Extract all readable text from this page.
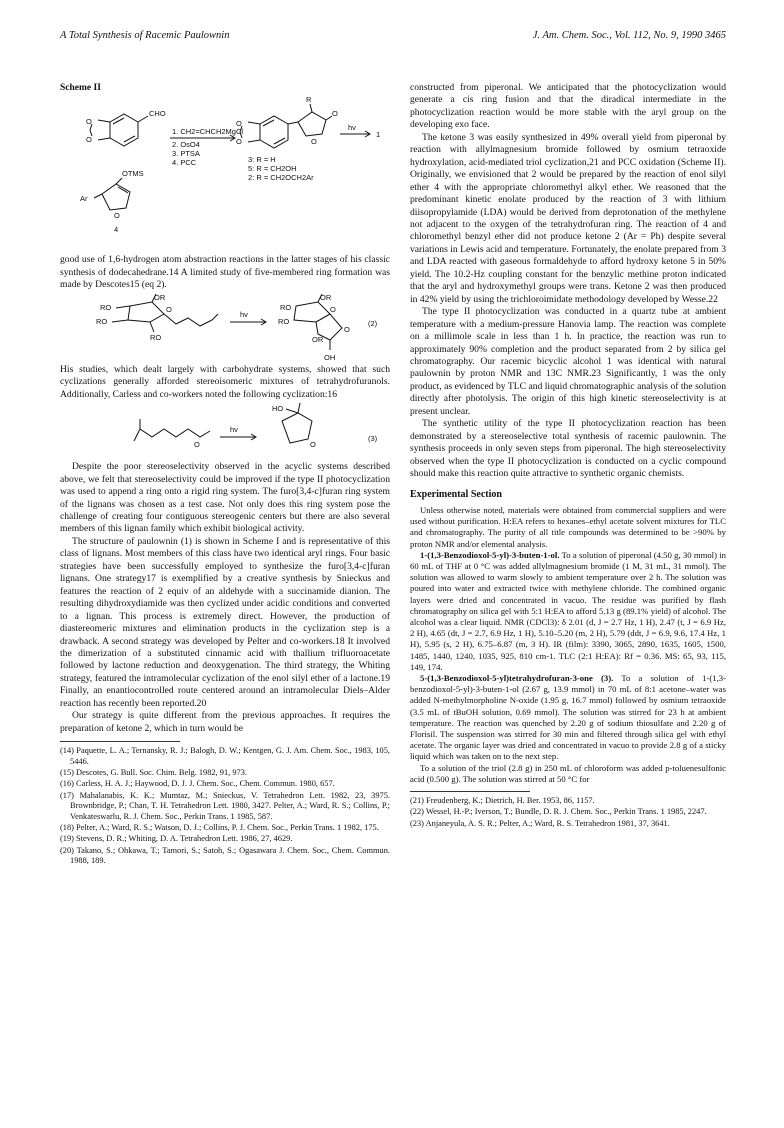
A Total Synthesis of Racemic Paulownin	J. Am. Chem. Soc., Vol. 112, No. 9, 1990 3465
Scheme II
CHO
O
O
1. CH2=CHCH2MgCl
2. OsO4
3. PTSA
4. PCC
R
O
O
O
O
hv
1
3: R = H
5: R = CH2OH
2: R = CH2OCH2Ar
OTMS
Ar
O
4

good use of 1,6-hydrogen atom abstraction reactions in the latter stages of his classic synthesis of dodecahedrane.14 A limited study of five-membered ring formation was made by Descotes15 (eq 2).

OR
RO
RO
RO
O
hv
OR
RO
RO
O
OR
OH
O
(2)

His studies, which dealt largely with carbohydrate systems, showed that such cyclizations generally afforded stereoisomeric mixtures of tetrahydrofuranols. Additionally, Carless and co-workers noted the following cyclization:16

O
hv
HO
O
(3)

Despite the poor stereoselectivity observed in the acyclic systems described above, we felt that stereoselectivity could be improved if the type II photocyclization was used to append a ring onto a rigid ring system. The furo[3,4-c]furan ring system of the lignans was chosen as a test case. Not only does this ring system pose the challenge of creating four contiguous stereogenic centers but there are also several members of this lignan family which exhibit biological activity.

The structure of paulownin (1) is shown in Scheme I and is representative of this class of lignans. Most members of this class have two identical aryl rings. Four basic strategies have been successfully employed to synthesize the furo[3,4-c]furan lignans. One strategy17 is exemplified by a creative synthesis by Snieckus and features the reaction of 2 equiv of an aldehyde with a succinamide dianion. The resulting dihydroxydiamide was then cyclized under acidic conditions and converted to a lignan. This process is extremely direct. However, the production of diastereomeric mixtures and elimination products in the cyclization step is a drawback. A second strategy was developed by Pelter and co-workers.18 It involved the dimerization of a substituted cinnamic acid with thallium trifluoroacetate followed by lactone reduction and deoxygenation. The third strategy, the Whiting strategy, featured the intramolecular cyclization of the enol silyl ether of a lactone.19 Finally, an enantiocontrolled route centered around an intramolecular Diels–Alder reaction has recently been reported.20

Our strategy is quite different from the previous approaches. It requires the preparation of ketone 2, which in turn would be

(14) Paquette, L. A.; Ternansky, R. J.; Balogh, D. W.; Kentgen, G. J. Am. Chem. Soc., 1983, 105, 5446.

(15) Descotes, G. Bull. Soc. Chim. Belg. 1982, 91, 973.

(16) Carless, H. A. J.; Haywood, D. J. J. Chem. Soc., Chem. Commun. 1980, 657.

(17) Mahalanabis, K. K.; Mumtaz, M.; Snieckus, V. Tetrahedron Lett. 1982, 23, 3975. Brownbridge, P.; Chan, T. H. Tetrahedron Lett. 1980, 3427. Pelter, A.; Ward, R. S.; Collins, P.; Venkateswarlu, R. J. Chem. Soc., Perkin Trans. 1 1985, 587.

(18) Pelter, A.; Ward, R. S.; Watson, D. J.; Collins, P. J. Chem. Soc., Perkin Trans. 1 1982, 175.

(19) Stevens, D. R.; Whiting, D. A. Tetrahedron Lett. 1986, 27, 4629.

(20) Takano, S.; Ohkawa, T.; Tamori, S.; Satoh, S.; Ogasawara J. Chem. Soc., Chem. Commun. 1988, 189.

constructed from piperonal. We anticipated that the photocyclization would generate a cis ring fusion and that the diradical intermediate in the photocyclization reaction would be more stable with the aryl group on the developing exo face.

The ketone 3 was easily synthesized in 49% overall yield from piperonal by reaction with allylmagnesium bromide followed by osmium tetraoxide hydroxylation, acid-mediated triol cyclization,21 and PCC oxidation (Scheme II). Originally, we envisioned that 2 would be prepared by the reaction of enol silyl ether 4 with the appropriate chloromethyl alkyl ether. We reasoned that the predominant kinetic enolate produced by the reaction of 3 with lithium diisopropylamide (LDA) would be derived from deprotonation of the methylene not adjacent to the oxygen of the tetrahydrofuran ring. The reaction of 4 and chloromethyl benzyl ether did not produce ketone 2 (Ar = Ph) despite several variations in Lewis acid and temperature. Fortunately, the enolate prepared from 3 and LDA reacted with gaseous formaldehyde to afford hydroxy ketone 5 in 50% yield. The 10.2-Hz coupling constant for the benzylic methine proton indicated that the aryl and hydroxymethyl groups were trans. Ketone 2 was then produced in 42% yield by using the trichloroimidate methodology developed by Wesse.22

The type II photocyclization was conducted in a quartz tube at ambient temperature with a medium-pressure Hanovia lamp. The reaction was complete on a millimole scale in less than 1 h. In practice, the reaction was run to approximately 90% completion and the product separated from 2 by silica gel chromatography. Our racemic bicyclic alcohol 1 was identical with natural paulownin by proton NMR and 13C NMR.23 Significantly, 1 was the only product, as evidenced by TLC and liquid chromatographic analysis of the solution directly after photolysis. The origin of this high kinetic stereoselectivity is at present unclear.

The synthetic utility of the type II photocyclization reaction has been demonstrated by a stereoselective total synthesis of racemic paulownin. The synthesis proceeds in only seven steps from piperonal. The high stereoselectivity observed when the type II photocyclization is conducted on a cyclic compound should make this reaction quite attractive to synthetic organic chemists.

Experimental Section

Unless otherwise noted, materials were obtained from commercial suppliers and were used without purification. H:EA refers to hexanes–ethyl acetate solvent mixtures for TLC and chromatography. The purity of all title compounds was determined to be >90% by proton NMR and/or elemental analysis.

1-(1,3-Benzodioxol-5-yl)-3-buten-1-ol. To a solution of piperonal (4.50 g, 30 mmol) in 60 mL of THF at 0 °C was added allylmagnesium bromide (1 M, 31 mL, 31 mmol). The solution was allowed to warm slowly to ambient temperature over 2 h. The solution was poured into water and extracted twice with methylene chloride. The combined organic layers were dried and concentrated in vacuo. The residue was purified by flash chromatography on silica gel with 5:1 H:EA to afford 5.13 g (89.1% yield) of alcohol. The alcohol was a clear liquid. NMR (CDCl3): δ 2.01 (d, J = 2.7 Hz, 1 H), 2.47 (t, J = 6.9 Hz, 2 H), 4.65 (dt, J = 2.7, 6.9 Hz, 1 H), 5.10–5.20 (m, 2 H), 5.79 (ddt, J = 6.9, 9.6, 17.4 Hz, 1 H), 5.95 (s, 2 H), 6.75–6.87 (m, 3 H). IR (film): 3390, 3065, 2890, 1635, 1605, 1500, 1485, 1440, 1240, 1035, 925, 810 cm-1. TLC (2:1 H:EA): Rf = 0.36. MS: 65, 93, 115, 149, 174.

5-(1,3-Benzodioxol-5-yl)tetrahydrofuran-3-one (3). To a solution of 1-(1,3-benzodioxol-5-yl)-3-buten-1-ol (2.67 g, 13.9 mmol) in 70 mL of 8:1 acetone–water was added N-methylmorpholine N-oxide (1.95 g, 16.7 mmol) followed by osmium tetraoxide (3.5 mL of tBuOH solution, 0.69 mmol). The solution was stirred for 23 h at ambient temperature. The reaction was quenched by 2.20 g of sodium thiosulfate and 2.20 g of Florisil. The suspension was stirred for 30 min and filtered through silica gel with ethyl acetate. The organic layer was dried and concentrated in vacuo to provide 2.8 g of a sticky liquid which was taken on to the next step.

To a solution of the triol (2.8 g) in 250 mL of chloroform was added p-toluenesulfonic acid (0.500 g). The solution was stirred at 50 °C for

(21) Freudenberg, K.; Dietrich, H. Ber. 1953, 86, 1157.

(22) Wessel, H.-P.; Iverson, T.; Bundle, D. R. J. Chem. Soc., Perkin Trans. 1 1985, 2247.

(23) Anjaneyula, A. S. R.; Pelter, A.; Ward, R. S. Tetrahedron 1981, 37, 3641.
